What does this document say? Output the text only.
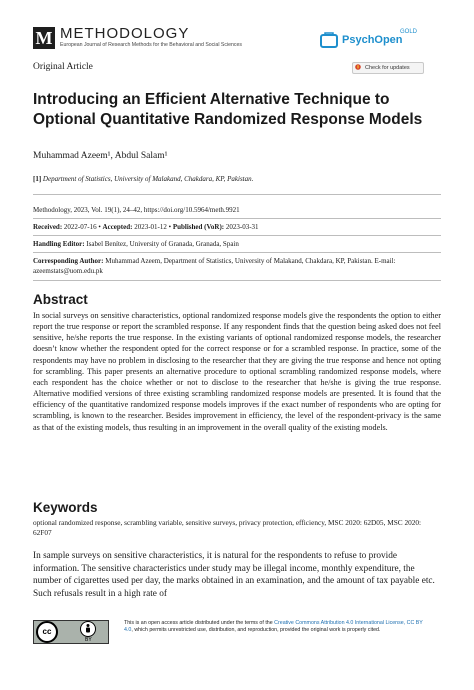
M METHODOLOGY
European Journal of Research Methods for the Behavioral and Social Sciences	PsychOpen
GOLD
Original Article	Check for updates
Introducing an Efficient Alternative Technique to Optional Quantitative Randomized Response Models
Muhammad Azeem¹, Abdul Salam¹
[1] Department of Statistics, University of Malakand, Chakdara, KP, Pakistan.
Methodology, 2023, Vol. 19(1), 24–42, https://doi.org/10.5964/meth.9921
Received: 2022-07-16 • Accepted: 2023-01-12 • Published (VoR): 2023-03-31
Handling Editor: Isabel Benítez, University of Granada, Granada, Spain
Corresponding Author: Muhammad Azeem, Department of Statistics, University of Malakand, Chakdara, KP, Pakistan. E-mail: azeemstats@uom.edu.pk
Abstract
In social surveys on sensitive characteristics, optional randomized response models give the respondents the option to either report the true response or report the scrambled response. If any respondent finds that the question being asked does not feel sensitive, he/she reports the true response. In the existing variants of optional randomized response models, the researcher doesn’t know whether the respondent opted for the correct response or for a scrambled response. In practice, some of the respondents may have no problem in disclosing to the researcher that they are giving the true response and hence not opting for scrambling. This paper presents an alternative procedure to optional scrambling randomized response models, where each respondent has the choice whether or not to disclose to the researcher that he/she is giving the true response. Alternative modified versions of three existing scrambling randomized response models are presented. It is found that the efficiency of the quantitative randomized response models improves if the exact number of respondents who are opting for scrambling, is known to the researcher. Besides improvement in efficiency, the level of the respondent-privacy is the same as that of the existing models, thus resulting in an improvement in the overall quality of the existing models.
Keywords
optional randomized response, scrambling variable, sensitive surveys, privacy protection, efficiency, MSC 2020: 62D05, MSC 2020: 62F07
In sample surveys on sensitive characteristics, it is natural for the respondents to refuse to provide information. The sensitive characteristics under study may be illegal income, monthly expenditure, the number of cigarettes used per day, the marks obtained in an examination, and the amount of tax payable etc. Such refusals result in a high rate of
cc
BY
This is an open access article distributed under the terms of the Creative Commons Attribution 4.0 International License, CC BY 4.0, which permits unrestricted use, distribution, and reproduction, provided the original work is properly cited.
